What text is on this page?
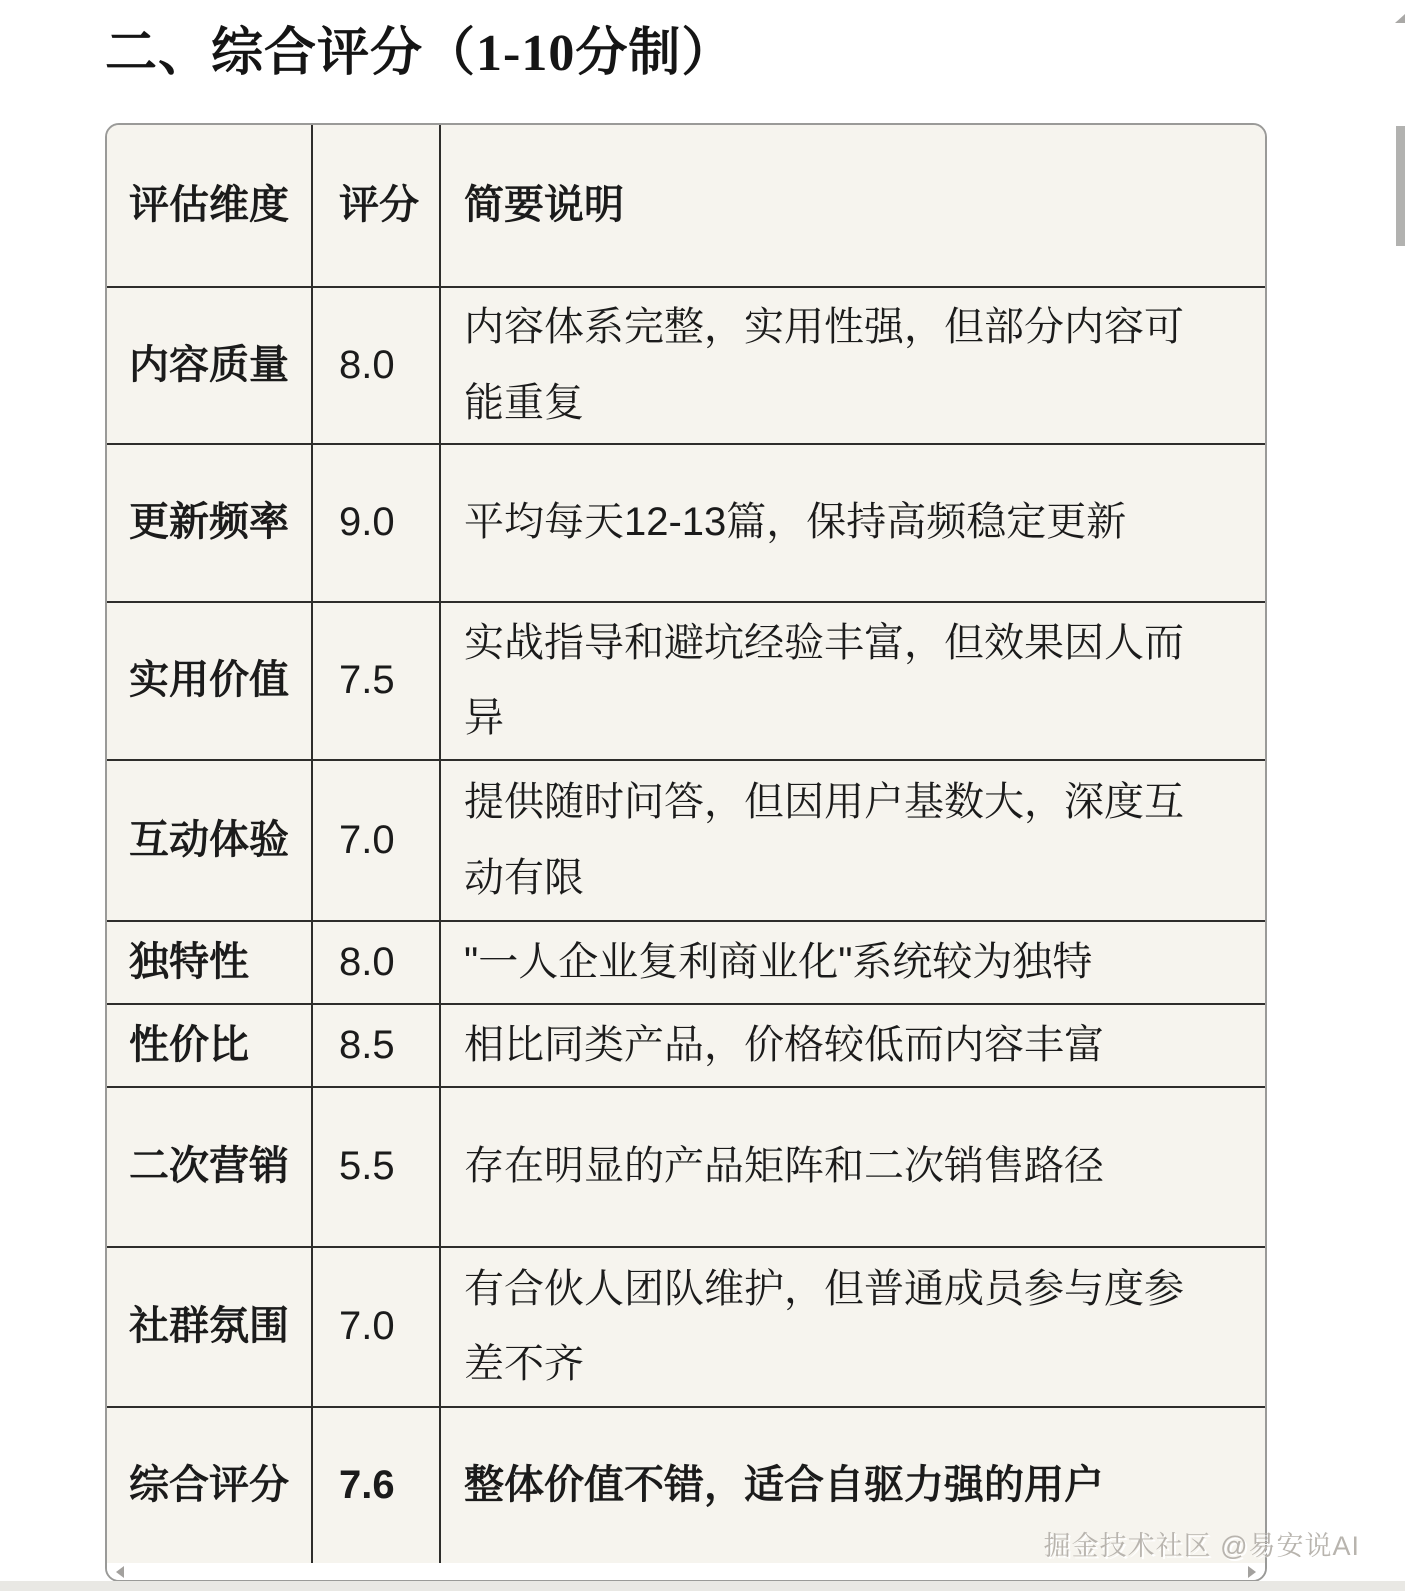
二、综合评分（1-10分制）
评估维度	评分	简要说明
内容质量	8.0	内容体系完整，实用性强，但部分内容可能重复
更新频率	9.0	平均每天12-13篇，保持高频稳定更新
实用价值	7.5	实战指导和避坑经验丰富，但效果因人而异
互动体验	7.0	提供随时问答，但因用户基数大，深度互动有限
独特性	8.0	"一人企业复利商业化"系统较为独特
性价比	8.5	相比同类产品，价格较低而内容丰富
二次营销	5.5	存在明显的产品矩阵和二次销售路径
社群氛围	7.0	有合伙人团队维护，但普通成员参与度参差不齐
综合评分	7.6	整体价值不错，适合自驱力强的用户
掘金技术社区 @易安说AI
